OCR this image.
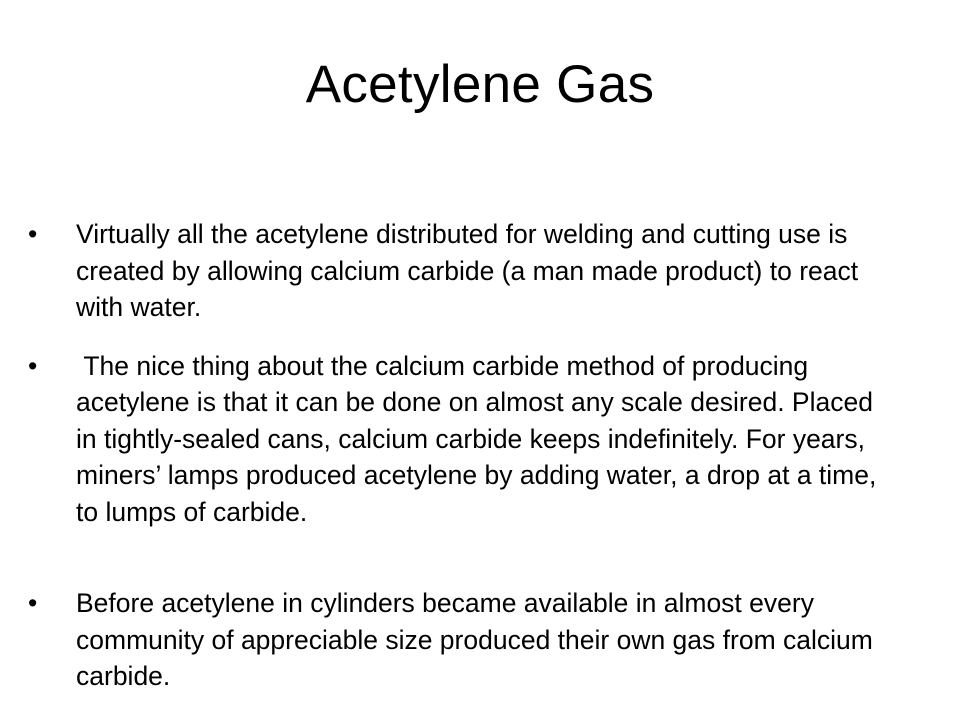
Acetylene Gas
•	Virtually all the acetylene distributed for welding and cutting use is created by allowing calcium carbide (a man made product) to react with water.
•	The nice thing about the calcium carbide method of producing acetylene is that it can be done on almost any scale desired. Placed in tightly-sealed cans, calcium carbide keeps indefinitely. For years, miners’ lamps produced acetylene by adding water, a drop at a time, to lumps of carbide.
•	Before acetylene in cylinders became available in almost every community of appreciable size produced their own gas from calcium carbide.
